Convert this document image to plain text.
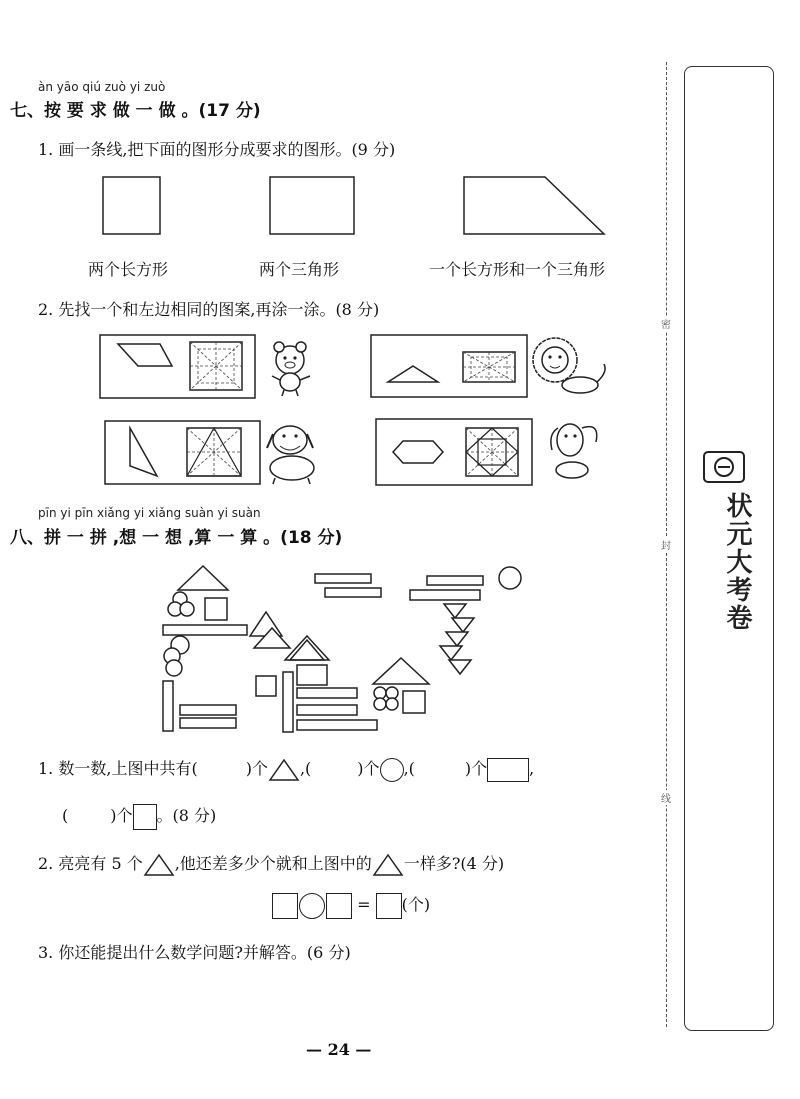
àn yāo qiú zuò yi zuò
七、按 要 求 做 一 做 。(17 分)
1. 画一条线,把下面的图形分成要求的图形。(9 分)
两个长方形	两个三角形	一个长方形和一个三角形
2. 先找一个和左边相同的图案,再涂一涂。(8 分)
pīn yi pīn xiǎng yi xiǎng suàn yi suàn
八、拼 一 拼 ,想 一 想 ,算 一 算 。(18 分)
1. 数一数,上图中共有(	)个 ,(	)个 ,(	)个	,
(	)个 。(8 分)
2. 亮亮有 5 个 ,他还差多少个就和上图中的 一样多?(4 分)
= (个)
3. 你还能提出什么数学问题?并解答。(6 分)
— 24 —
密
封
线
状元大考卷
